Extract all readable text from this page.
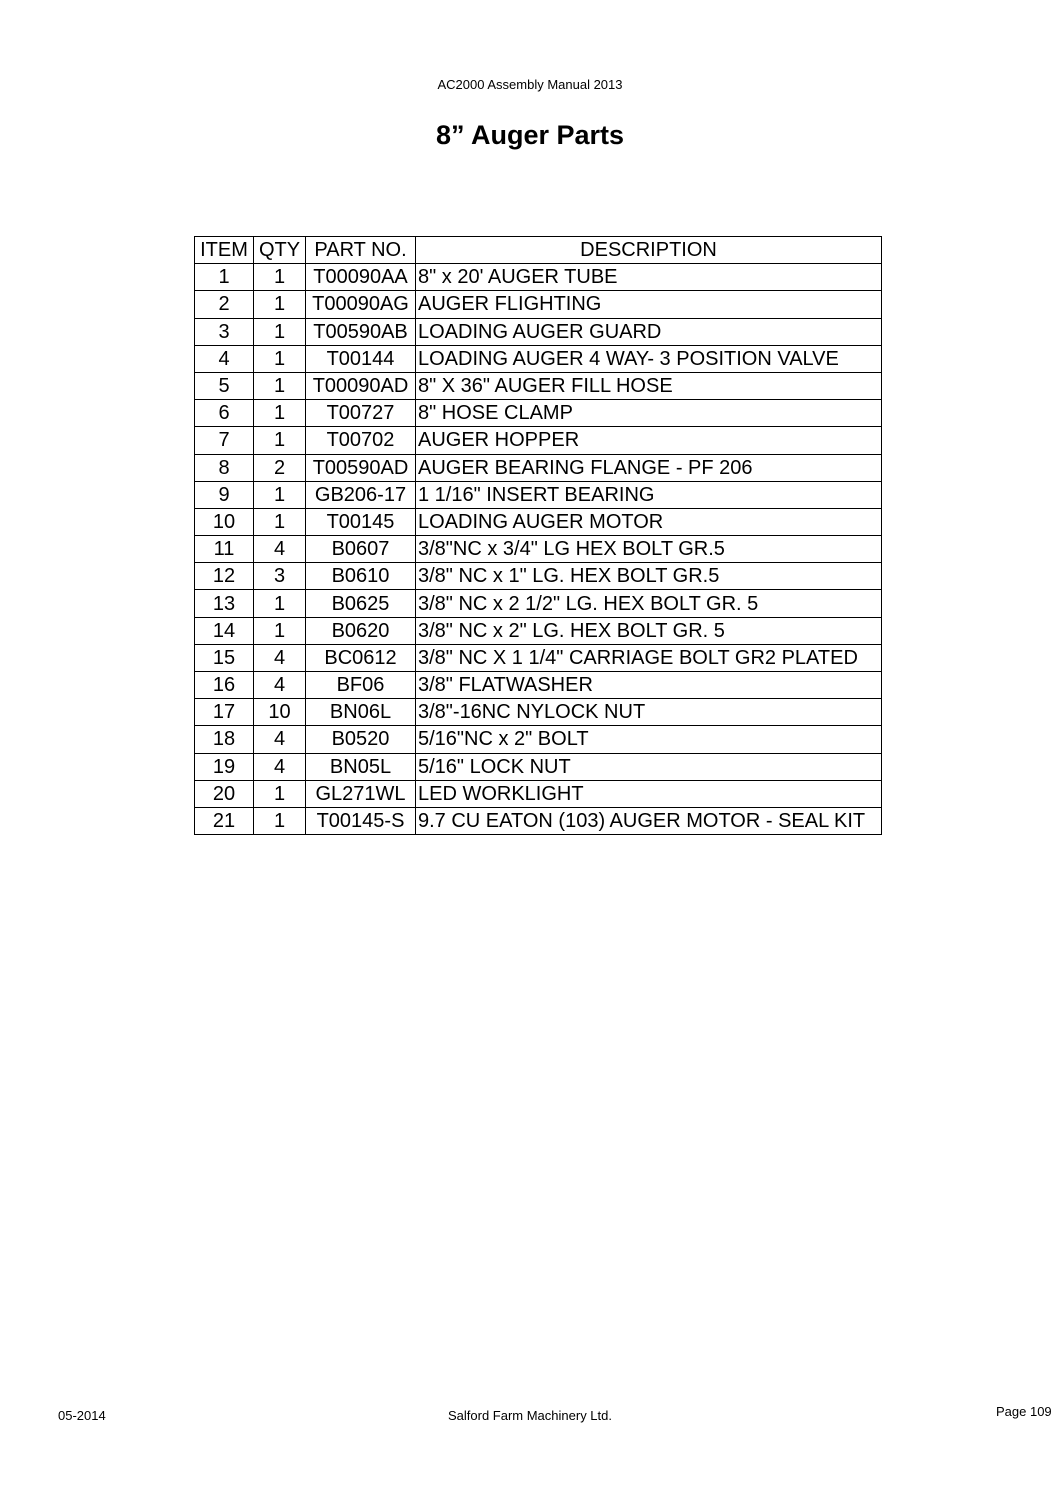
AC2000 Assembly Manual 2013
8” Auger Parts
ITEM	QTY	PART NO.	DESCRIPTION
1	1	T00090AA	8" x 20' AUGER TUBE
2	1	T00090AG	AUGER FLIGHTING
3	1	T00590AB	LOADING AUGER GUARD
4	1	T00144	LOADING AUGER 4 WAY- 3 POSITION VALVE
5	1	T00090AD	8" X 36" AUGER FILL HOSE
6	1	T00727	8" HOSE CLAMP
7	1	T00702	AUGER HOPPER
8	2	T00590AD	AUGER BEARING FLANGE - PF 206
9	1	GB206-17	1 1/16" INSERT BEARING
10	1	T00145	LOADING AUGER MOTOR
11	4	B0607	3/8"NC x 3/4" LG HEX BOLT GR.5
12	3	B0610	3/8" NC x 1" LG. HEX BOLT GR.5
13	1	B0625	3/8" NC x 2 1/2" LG. HEX BOLT GR. 5
14	1	B0620	3/8" NC x 2" LG. HEX BOLT GR. 5
15	4	BC0612	3/8" NC X 1 1/4" CARRIAGE BOLT GR2 PLATED
16	4	BF06	3/8" FLATWASHER
17	10	BN06L	3/8"-16NC NYLOCK NUT
18	4	B0520	5/16"NC x 2" BOLT
19	4	BN05L	5/16" LOCK NUT
20	1	GL271WL	LED WORKLIGHT
21	1	T00145-S	9.7 CU EATON (103) AUGER MOTOR - SEAL KIT
05-2014	Salford Farm Machinery Ltd.	Page 109
